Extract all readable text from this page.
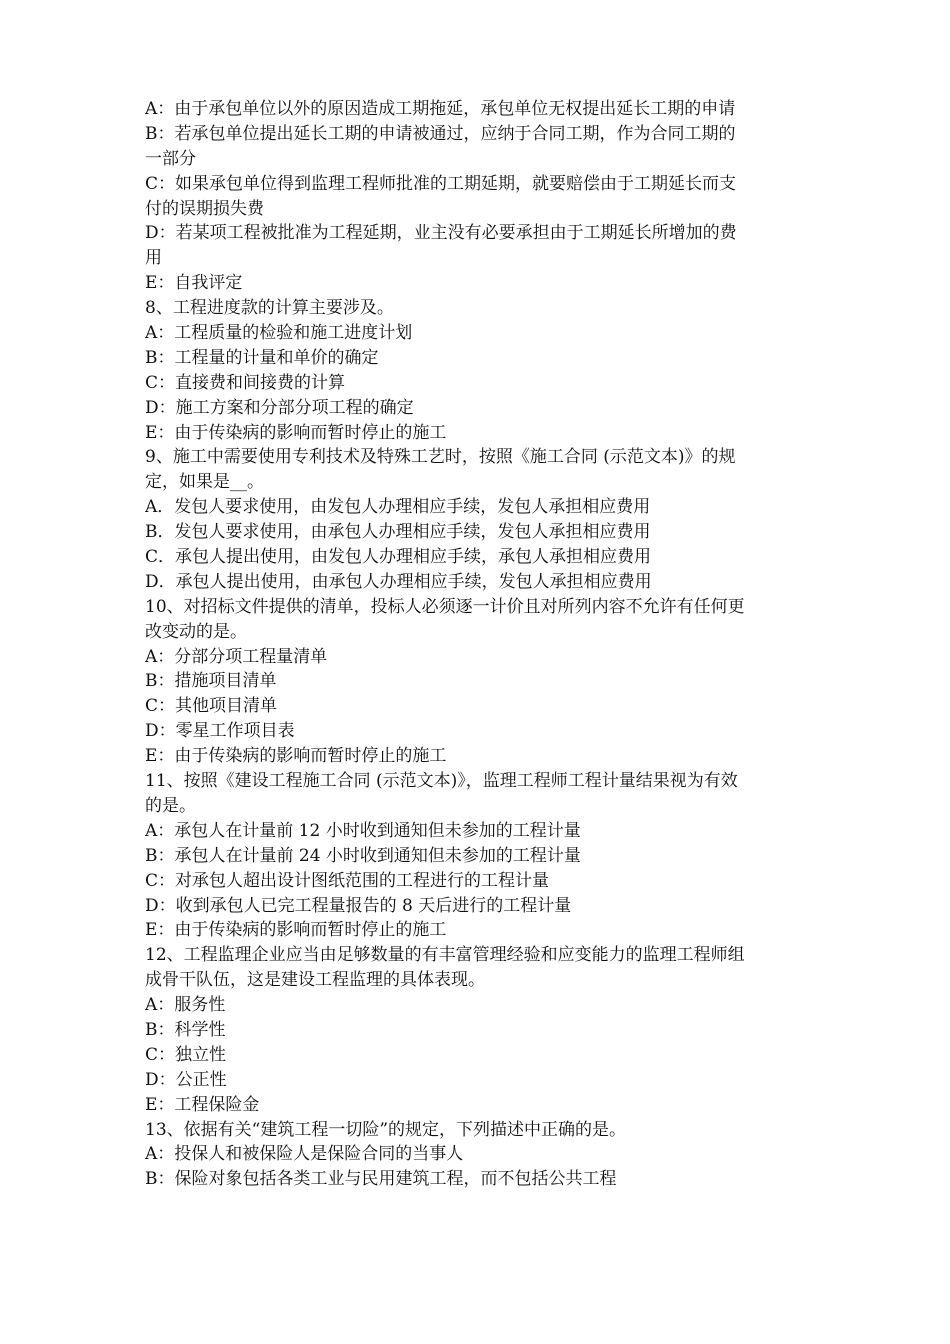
A：由于承包单位以外的原因造成工期拖延，承包单位无权提出延长工期的申请
B：若承包单位提出延长工期的申请被通过，应纳于合同工期，作为合同工期的
一部分
C：如果承包单位得到监理工程师批准的工期延期，就要赔偿由于工期延长而支
付的误期损失费
D：若某项工程被批准为工程延期，业主没有必要承担由于工期延长所增加的费
用
E：自我评定
8、工程进度款的计算主要涉及。
A：工程质量的检验和施工进度计划
B：工程量的计量和单价的确定
C：直接费和间接费的计算
D：施工方案和分部分项工程的确定
E：由于传染病的影响而暂时停止的施工
9、施工中需要使用专利技术及特殊工艺时，按照《施工合同 (示范文本)》的规
定，如果是__。
A．发包人要求使用，由发包人办理相应手续，发包人承担相应费用
B．发包人要求使用，由承包人办理相应手续，发包人承担相应费用
C．承包人提出使用，由发包人办理相应手续，承包人承担相应费用
D．承包人提出使用，由承包人办理相应手续，发包人承担相应费用
10、对招标文件提供的清单，投标人必须逐一计价且对所列内容不允许有任何更
改变动的是。
A：分部分项工程量清单
B：措施项目清单
C：其他项目清单
D：零星工作项目表
E：由于传染病的影响而暂时停止的施工
11、按照《建设工程施工合同 (示范文本)》，监理工程师工程计量结果视为有效
的是。
A：承包人在计量前 12 小时收到通知但未参加的工程计量
B：承包人在计量前 24 小时收到通知但未参加的工程计量
C：对承包人超出设计图纸范围的工程进行的工程计量
D：收到承包人已完工程量报告的 8 天后进行的工程计量
E：由于传染病的影响而暂时停止的施工
12、工程监理企业应当由足够数量的有丰富管理经验和应变能力的监理工程师组
成骨干队伍，这是建设工程监理的具体表现。
A：服务性
B：科学性
C：独立性
D：公正性
E：工程保险金
13、依据有关“建筑工程一切险”的规定，下列描述中正确的是。
A：投保人和被保险人是保险合同的当事人
B：保险对象包括各类工业与民用建筑工程，而不包括公共工程
